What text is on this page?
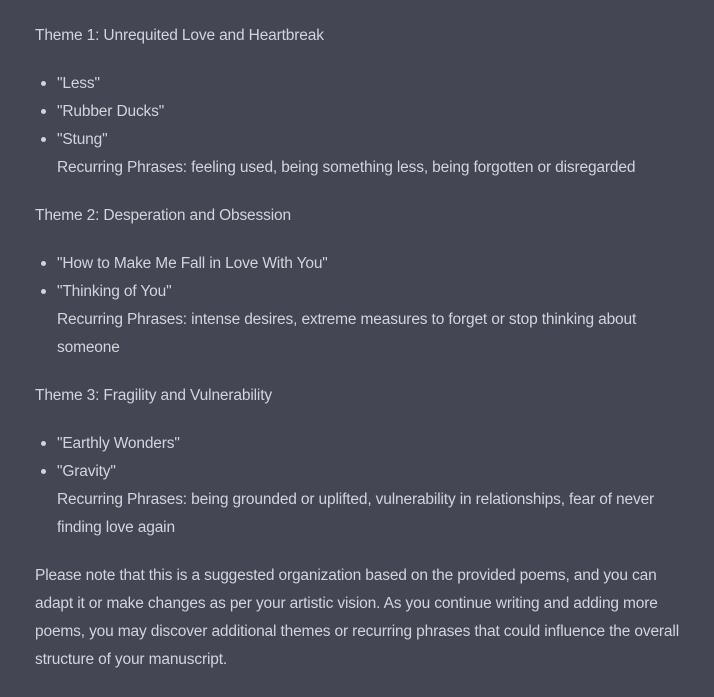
Theme 1: Unrequited Love and Heartbreak

"Less"
"Rubber Ducks"
"Stung"

Recurring Phrases: feeling used, being something less, being forgotten or disregarded

Theme 2: Desperation and Obsession

"How to Make Me Fall in Love With You"
"Thinking of You"

Recurring Phrases: intense desires, extreme measures to forget or stop thinking about someone

Theme 3: Fragility and Vulnerability

"Earthly Wonders"
"Gravity"

Recurring Phrases: being grounded or uplifted, vulnerability in relationships, fear of never finding love again

Please note that this is a suggested organization based on the provided poems, and you can adapt it or make changes as per your artistic vision. As you continue writing and adding more poems, you may discover additional themes or recurring phrases that could influence the overall structure of your manuscript.
